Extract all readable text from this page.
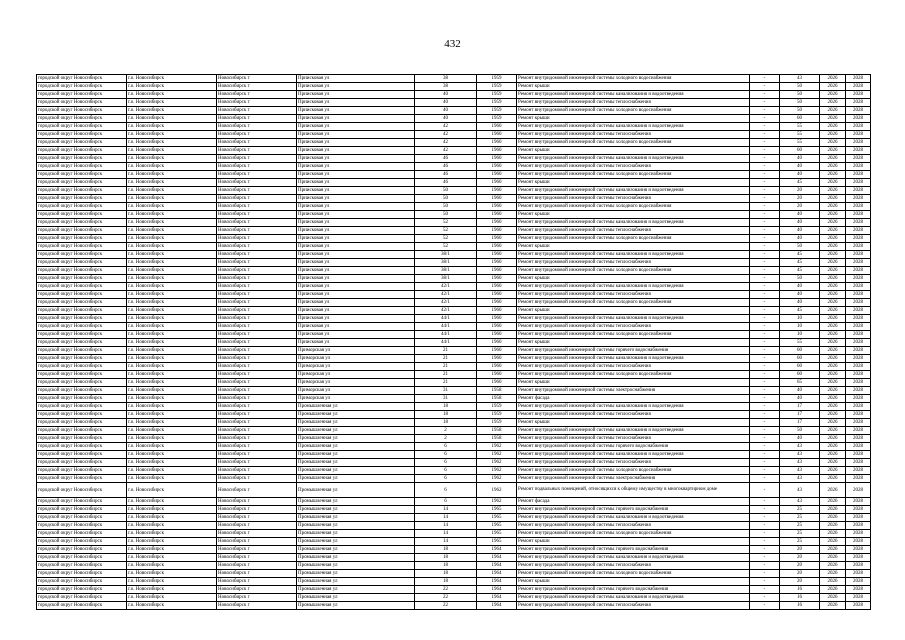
432
городской округ Новосибирск	г.о. Новосибирск	Новосибирск г	Приисковая ул	38	1959	Ремонт внутридомовой инженерной системы холодного водоснабжения	-	43	2026	2028
городской округ Новосибирск	г.о. Новосибирск	Новосибирск г	Приисковая ул	38	1959	Ремонт крыши	-	50	2026	2028
городской округ Новосибирск	г.о. Новосибирск	Новосибирск г	Приисковая ул	40	1959	Ремонт внутридомовой инженерной системы канализования и водоотведения	-	50	2026	2028
городской округ Новосибирск	г.о. Новосибирск	Новосибирск г	Приисковая ул	40	1959	Ремонт внутридомовой инженерной системы теплоснабжения	-	50	2026	2028
городской округ Новосибирск	г.о. Новосибирск	Новосибирск г	Приисковая ул	40	1959	Ремонт внутридомовой инженерной системы холодного водоснабжения	-	50	2026	2028
городской округ Новосибирск	г.о. Новосибирск	Новосибирск г	Приисковая ул	40	1959	Ремонт крыши	-	60	2026	2028
городской округ Новосибирск	г.о. Новосибирск	Новосибирск г	Приисковая ул	42	1960	Ремонт внутридомовой инженерной системы канализования и водоотведения	-	55	2026	2028
городской округ Новосибирск	г.о. Новосибирск	Новосибирск г	Приисковая ул	42	1960	Ремонт внутридомовой инженерной системы теплоснабжения	-	55	2026	2028
городской округ Новосибирск	г.о. Новосибирск	Новосибирск г	Приисковая ул	42	1960	Ремонт внутридомовой инженерной системы холодного водоснабжения	-	55	2026	2028
городской округ Новосибирск	г.о. Новосибирск	Новосибирск г	Приисковая ул	42	1960	Ремонт крыши	-	60	2026	2028
городской округ Новосибирск	г.о. Новосибирск	Новосибирск г	Приисковая ул	46	1960	Ремонт внутридомовой инженерной системы канализования и водоотведения	-	40	2026	2028
городской округ Новосибирск	г.о. Новосибирск	Новосибирск г	Приисковая ул	46	1960	Ремонт внутридомовой инженерной системы теплоснабжения	-	40	2026	2028
городской округ Новосибирск	г.о. Новосибирск	Новосибирск г	Приисковая ул	46	1960	Ремонт внутридомовой инженерной системы холодного водоснабжения	-	40	2026	2028
городской округ Новосибирск	г.о. Новосибирск	Новосибирск г	Приисковая ул	46	1960	Ремонт крыши	-	45	2026	2028
городской округ Новосибирск	г.о. Новосибирск	Новосибирск г	Приисковая ул	50	1960	Ремонт внутридомовой инженерной системы канализования и водоотведения	-	20	2026	2028
городской округ Новосибирск	г.о. Новосибирск	Новосибирск г	Приисковая ул	50	1960	Ремонт внутридомовой инженерной системы теплоснабжения	-	20	2026	2028
городской округ Новосибирск	г.о. Новосибирск	Новосибирск г	Приисковая ул	50	1960	Ремонт внутридомовой инженерной системы холодного водоснабжения	-	20	2026	2028
городской округ Новосибирск	г.о. Новосибирск	Новосибирск г	Приисковая ул	50	1960	Ремонт крыши	-	40	2026	2028
городской округ Новосибирск	г.о. Новосибирск	Новосибирск г	Приисковая ул	52	1960	Ремонт внутридомовой инженерной системы канализования и водоотведения	-	40	2026	2028
городской округ Новосибирск	г.о. Новосибирск	Новосибирск г	Приисковая ул	52	1960	Ремонт внутридомовой инженерной системы теплоснабжения	-	40	2026	2028
городской округ Новосибирск	г.о. Новосибирск	Новосибирск г	Приисковая ул	52	1960	Ремонт внутридомовой инженерной системы холодного водоснабжения	-	40	2026	2028
городской округ Новосибирск	г.о. Новосибирск	Новосибирск г	Приисковая ул	52	1960	Ремонт крыши	-	50	2026	2028
городской округ Новосибирск	г.о. Новосибирск	Новосибирск г	Приисковая ул	38/1	1960	Ремонт внутридомовой инженерной системы канализования и водоотведения	-	45	2026	2028
городской округ Новосибирск	г.о. Новосибирск	Новосибирск г	Приисковая ул	38/1	1960	Ремонт внутридомовой инженерной системы теплоснабжения	-	45	2026	2028
городской округ Новосибирск	г.о. Новосибирск	Новосибирск г	Приисковая ул	38/1	1960	Ремонт внутридомовой инженерной системы холодного водоснабжения	-	45	2026	2028
городской округ Новосибирск	г.о. Новосибирск	Новосибирск г	Приисковая ул	38/1	1960	Ремонт крыши	-	50	2026	2028
городской округ Новосибирск	г.о. Новосибирск	Новосибирск г	Приисковая ул	42/1	1960	Ремонт внутридомовой инженерной системы канализования и водоотведения	-	40	2026	2028
городской округ Новосибирск	г.о. Новосибирск	Новосибирск г	Приисковая ул	42/1	1960	Ремонт внутридомовой инженерной системы теплоснабжения	-	40	2026	2028
городской округ Новосибирск	г.о. Новосибирск	Новосибирск г	Приисковая ул	42/1	1960	Ремонт внутридомовой инженерной системы холодного водоснабжения	-	40	2026	2028
городской округ Новосибирск	г.о. Новосибирск	Новосибирск г	Приисковая ул	42/1	1960	Ремонт крыши	-	45	2026	2028
городской округ Новосибирск	г.о. Новосибирск	Новосибирск г	Приисковая ул	44/1	1960	Ремонт внутридомовой инженерной системы канализования и водоотведения	-	10	2026	2028
городской округ Новосибирск	г.о. Новосибирск	Новосибирск г	Приисковая ул	44/1	1960	Ремонт внутридомовой инженерной системы теплоснабжения	-	10	2026	2028
городской округ Новосибирск	г.о. Новосибирск	Новосибирск г	Приисковая ул	44/1	1960	Ремонт внутридомовой инженерной системы холодного водоснабжения	-	10	2026	2028
городской округ Новосибирск	г.о. Новосибирск	Новосибирск г	Приисковая ул	44/1	1960	Ремонт крыши	-	55	2026	2028
городской округ Новосибирск	г.о. Новосибирск	Новосибирск г	Приморская ул	21	1960	Ремонт внутридомовой инженерной системы горячего водоснабжения	-	60	2026	2028
городской округ Новосибирск	г.о. Новосибирск	Новосибирск г	Приморская ул	21	1960	Ремонт внутридомовой инженерной системы канализования и водоотведения	-	60	2026	2028
городской округ Новосибирск	г.о. Новосибирск	Новосибирск г	Приморская ул	21	1960	Ремонт внутридомовой инженерной системы теплоснабжения	-	60	2026	2028
городской округ Новосибирск	г.о. Новосибирск	Новосибирск г	Приморская ул	21	1960	Ремонт внутридомовой инженерной системы холодного водоснабжения	-	60	2026	2028
городской округ Новосибирск	г.о. Новосибирск	Новосибирск г	Приморская ул	21	1960	Ремонт крыши	-	65	2026	2028
городской округ Новосибирск	г.о. Новосибирск	Новосибирск г	Приморская ул	31	1958	Ремонт внутридомовой инженерной системы электроснабжения	-	40	2026	2028
городской округ Новосибирск	г.о. Новосибирск	Новосибирск г	Приморская ул	31	1958	Ремонт фасада	-	40	2026	2028
городской округ Новосибирск	г.о. Новосибирск	Новосибирск г	Промышленная ул	18	1959	Ремонт внутридомовой инженерной системы канализования и водоотведения	-	17	2026	2028
городской округ Новосибирск	г.о. Новосибирск	Новосибирск г	Промышленная ул	18	1959	Ремонт внутридомовой инженерной системы теплоснабжения	-	17	2026	2028
городской округ Новосибирск	г.о. Новосибирск	Новосибирск г	Промышленная ул	18	1959	Ремонт крыши	-	17	2026	2028
городской округ Новосибирск	г.о. Новосибирск	Новосибирск г	Промышленная ул	2	1958	Ремонт внутридомовой инженерной системы канализования и водоотведения	-	50	2026	2028
городской округ Новосибирск	г.о. Новосибирск	Новосибирск г	Промышленная ул	2	1958	Ремонт внутридомовой инженерной системы теплоснабжения	-	40	2026	2028
городской округ Новосибирск	г.о. Новосибирск	Новосибирск г	Промышленная ул	6	1962	Ремонт внутридомовой инженерной системы горячего водоснабжения	-	43	2026	2028
городской округ Новосибирск	г.о. Новосибирск	Новосибирск г	Промышленная ул	6	1962	Ремонт внутридомовой инженерной системы канализования и водоотведения	-	43	2026	2028
городской округ Новосибирск	г.о. Новосибирск	Новосибирск г	Промышленная ул	6	1962	Ремонт внутридомовой инженерной системы теплоснабжения	-	43	2026	2028
городской округ Новосибирск	г.о. Новосибирск	Новосибирск г	Промышленная ул	6	1962	Ремонт внутридомовой инженерной системы холодного водоснабжения	-	43	2026	2028
городской округ Новосибирск	г.о. Новосибирск	Новосибирск г	Промышленная ул	6	1962	Ремонт внутридомовой инженерной системы электроснабжения	-	43	2026	2028
городской округ Новосибирск	г.о. Новосибирск	Новосибирск г	Промышленная ул	6	1962	Ремонт подвальных помещений, относящихся к общему имуществу в многоквартирном доме	-	43	2026	2028
городской округ Новосибирск	г.о. Новосибирск	Новосибирск г	Промышленная ул	6	1962	Ремонт фасада	-	43	2026	2028
городской округ Новосибирск	г.о. Новосибирск	Новосибирск г	Промышленная ул	14	1965	Ремонт внутридомовой инженерной системы горячего водоснабжения	-	25	2026	2028
городской округ Новосибирск	г.о. Новосибирск	Новосибирск г	Промышленная ул	14	1965	Ремонт внутридомовой инженерной системы канализования и водоотведения	-	25	2026	2028
городской округ Новосибирск	г.о. Новосибирск	Новосибирск г	Промышленная ул	14	1965	Ремонт внутридомовой инженерной системы теплоснабжения	-	25	2026	2028
городской округ Новосибирск	г.о. Новосибирск	Новосибирск г	Промышленная ул	14	1965	Ремонт внутридомовой инженерной системы холодного водоснабжения	-	25	2026	2028
городской округ Новосибирск	г.о. Новосибирск	Новосибирск г	Промышленная ул	14	1965	Ремонт крыши	-	25	2026	2028
городской округ Новосибирск	г.о. Новосибирск	Новосибирск г	Промышленная ул	18	1964	Ремонт внутридомовой инженерной системы горячего водоснабжения	-	20	2026	2028
городской округ Новосибирск	г.о. Новосибирск	Новосибирск г	Промышленная ул	18	1964	Ремонт внутридомовой инженерной системы канализования и водоотведения	-	20	2026	2028
городской округ Новосибирск	г.о. Новосибирск	Новосибирск г	Промышленная ул	18	1964	Ремонт внутридомовой инженерной системы теплоснабжения	-	20	2026	2028
городской округ Новосибирск	г.о. Новосибирск	Новосибирск г	Промышленная ул	18	1964	Ремонт внутридомовой инженерной системы холодного водоснабжения	-	20	2026	2028
городской округ Новосибирск	г.о. Новосибирск	Новосибирск г	Промышленная ул	18	1964	Ремонт крыши	-	20	2026	2028
городской округ Новосибирск	г.о. Новосибирск	Новосибирск г	Промышленная ул	22	1964	Ремонт внутридомовой инженерной системы горячего водоснабжения	-	16	2026	2028
городской округ Новосибирск	г.о. Новосибирск	Новосибирск г	Промышленная ул	22	1964	Ремонт внутридомовой инженерной системы канализования и водоотведения	-	16	2026	2028
городской округ Новосибирск	г.о. Новосибирск	Новосибирск г	Промышленная ул	22	1964	Ремонт внутридомовой инженерной системы теплоснабжения	-	16	2026	2028
